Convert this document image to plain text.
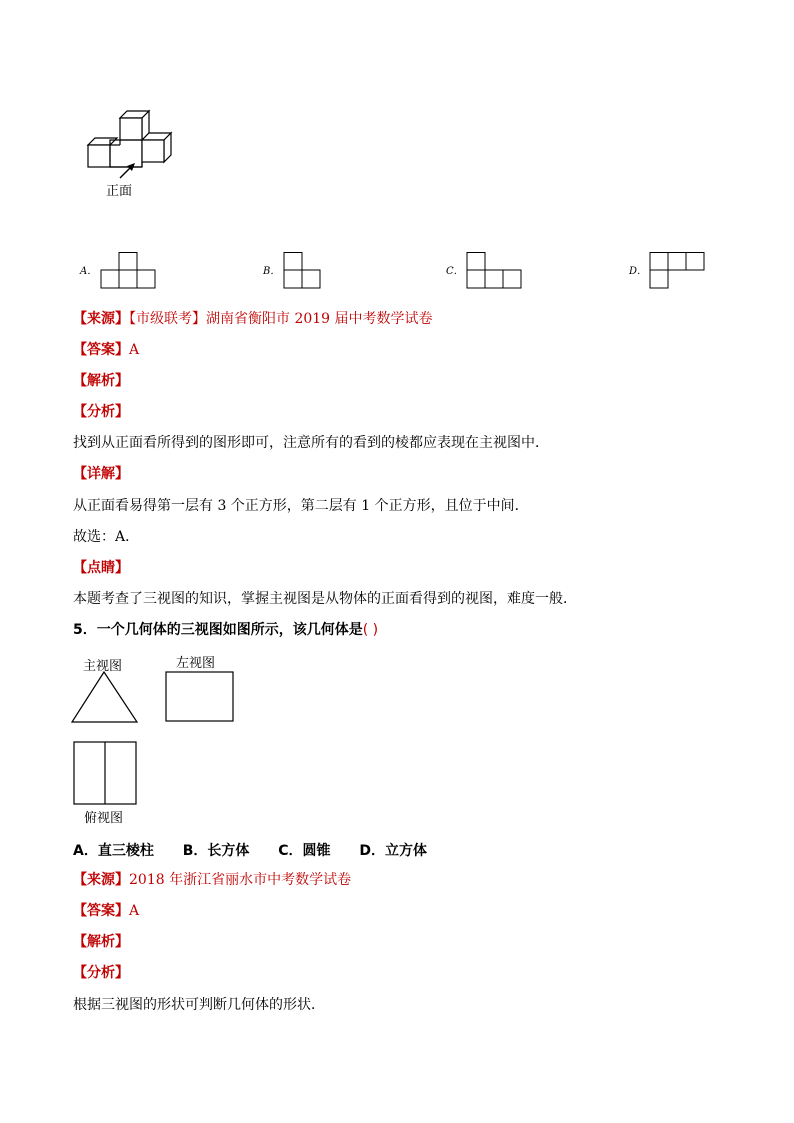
正面
A．	B．	C．	D．
【来源】【市级联考】湖南省衡阳市 2019 届中考数学试卷
【答案】A
【解析】
【分析】
找到从正面看所得到的图形即可，注意所有的看到的棱都应表现在主视图中．
【详解】
从正面看易得第一层有 3 个正方形，第二层有 1 个正方形，且位于中间．
故选：A．
【点睛】
本题考查了三视图的知识，掌握主视图是从物体的正面看得到的视图，难度一般．
5．一个几何体的三视图如图所示，该几何体是( )
主视图	左视图
俯视图
A．直三棱柱 B．长方体 C．圆锥 D．立方体
【来源】2018 年浙江省丽水市中考数学试卷
【答案】A
【解析】
【分析】
根据三视图的形状可判断几何体的形状．
